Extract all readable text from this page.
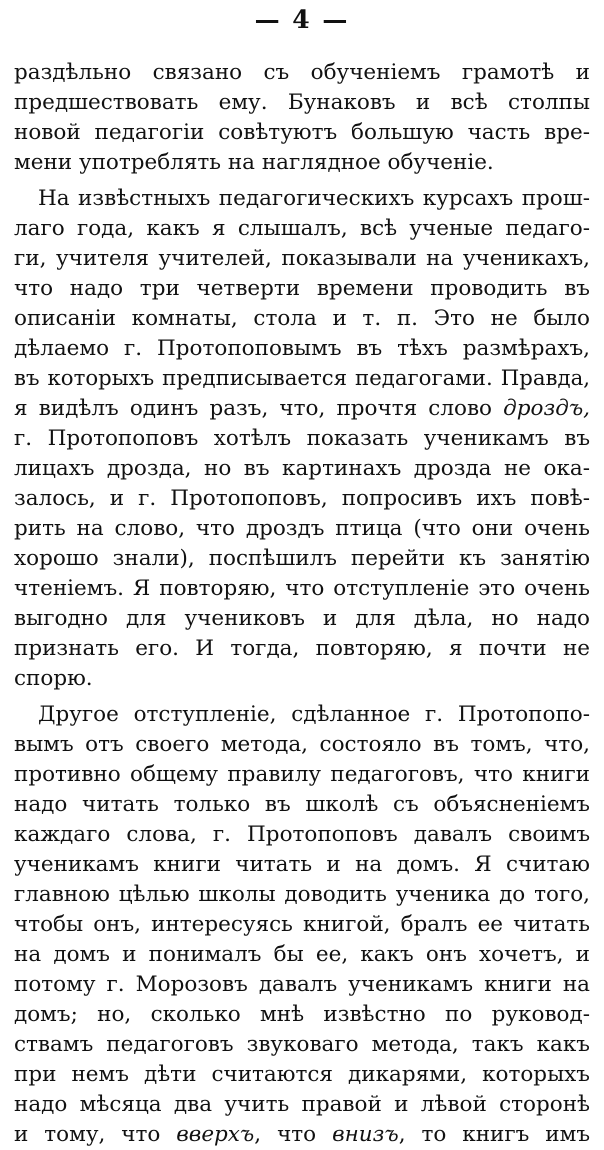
— 4 —
раздѣльно связано съ обученіемъ грамотѣ и
предшествовать ему. Бунаковъ и всѣ столпы
новой педагогiи совѣтуютъ большую часть вре-
мени употреблять на наглядное обученіе.
На извѣстныхъ педагогическихъ курсахъ прош-
лаго года, какъ я слышалъ, всѣ ученые педаго-
ги, учителя учителей, показывали на ученикахъ,
что надо три четверти времени проводить въ
описаніи комнаты, стола и т. п. Это не было
дѣлаемо г. Протопоповымъ въ тѣхъ размѣрахъ,
въ которыхъ предписывается педагогами. Правда,
я видѣлъ одинъ разъ, что, прочтя слово дроздъ,
г. Протопоповъ хотѣлъ показать ученикамъ въ
лицахъ дрозда, но въ картинахъ дрозда не ока-
залось, и г. Протопоповъ, попросивъ ихъ повѣ-
рить на слово, что дроздъ птица (что они очень
хорошо знали), поспѣшилъ перейти къ занятію
чтеніемъ. Я повторяю, что отступленіе это очень
выгодно для учениковъ и для дѣла, но надо
признать его. И тогда, повторяю, я почти не
спорю.
Другое отступленіе, сдѣланное г. Протопопо-
вымъ отъ своего метода, состояло въ томъ, что,
противно общему правилу педагоговъ, что книги
надо читать только въ школѣ съ объясненіемъ
каждаго слова, г. Протопоповъ давалъ своимъ
ученикамъ книги читать и на домъ. Я считаю
главною цѣлью школы доводить ученика до того,
чтобы онъ, интересуясь книгой, бралъ ее читать
на домъ и понималъ бы ее, какъ онъ хочетъ, и
потому г. Морозовъ давалъ ученикамъ книги на
домъ; но, сколько мнѣ извѣстно по руковод-
ствамъ педагоговъ звуковаго метода, такъ какъ
при немъ дѣти считаются дикарями, которыхъ
надо мѣсяца два учить правой и лѣвой сторонѣ
и тому, что вверхъ, что внизъ, то книгъ имъ
